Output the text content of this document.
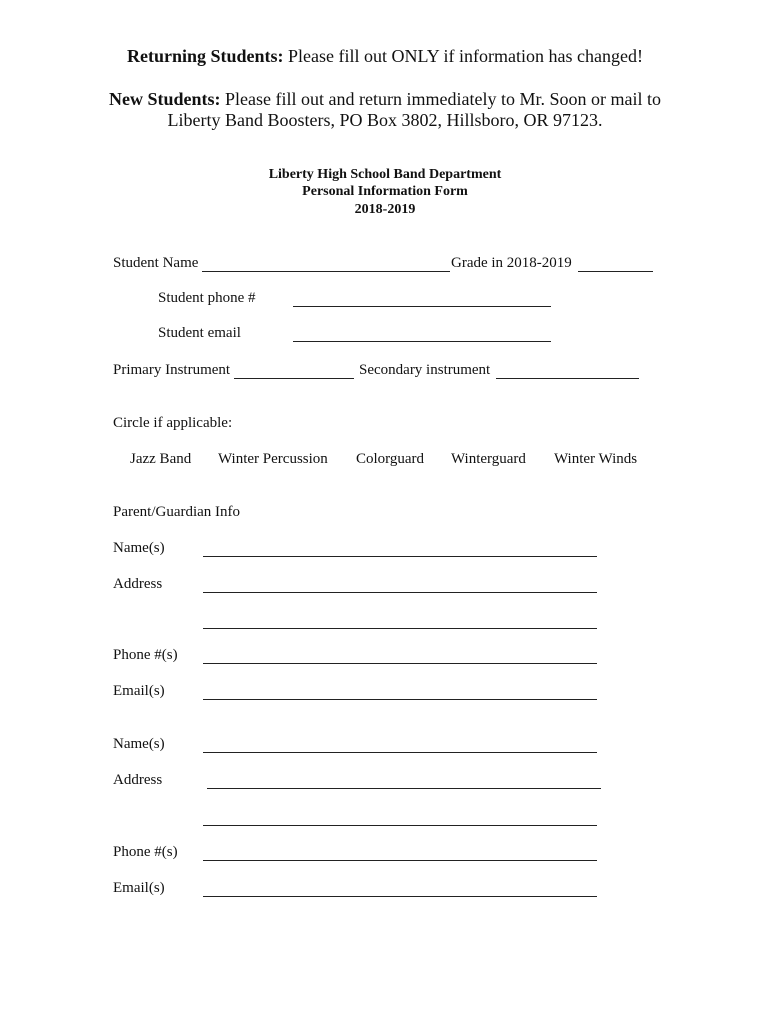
Returning Students: Please fill out ONLY if information has changed!
New Students: Please fill out and return immediately to Mr. Soon or mail to
Liberty Band Boosters, PO Box 3802, Hillsboro, OR 97123.
Liberty High School Band Department
Personal Information Form
2018-2019
Student Name	Grade in 2018-2019
Student phone #
Student email
Primary Instrument	Secondary instrument
Circle if applicable:
Jazz Band Winter Percussion Colorguard Winterguard Winter Winds
Parent/Guardian Info
Name(s)
Address
Phone #(s)
Email(s)
Name(s)
Address
Phone #(s)
Email(s)
